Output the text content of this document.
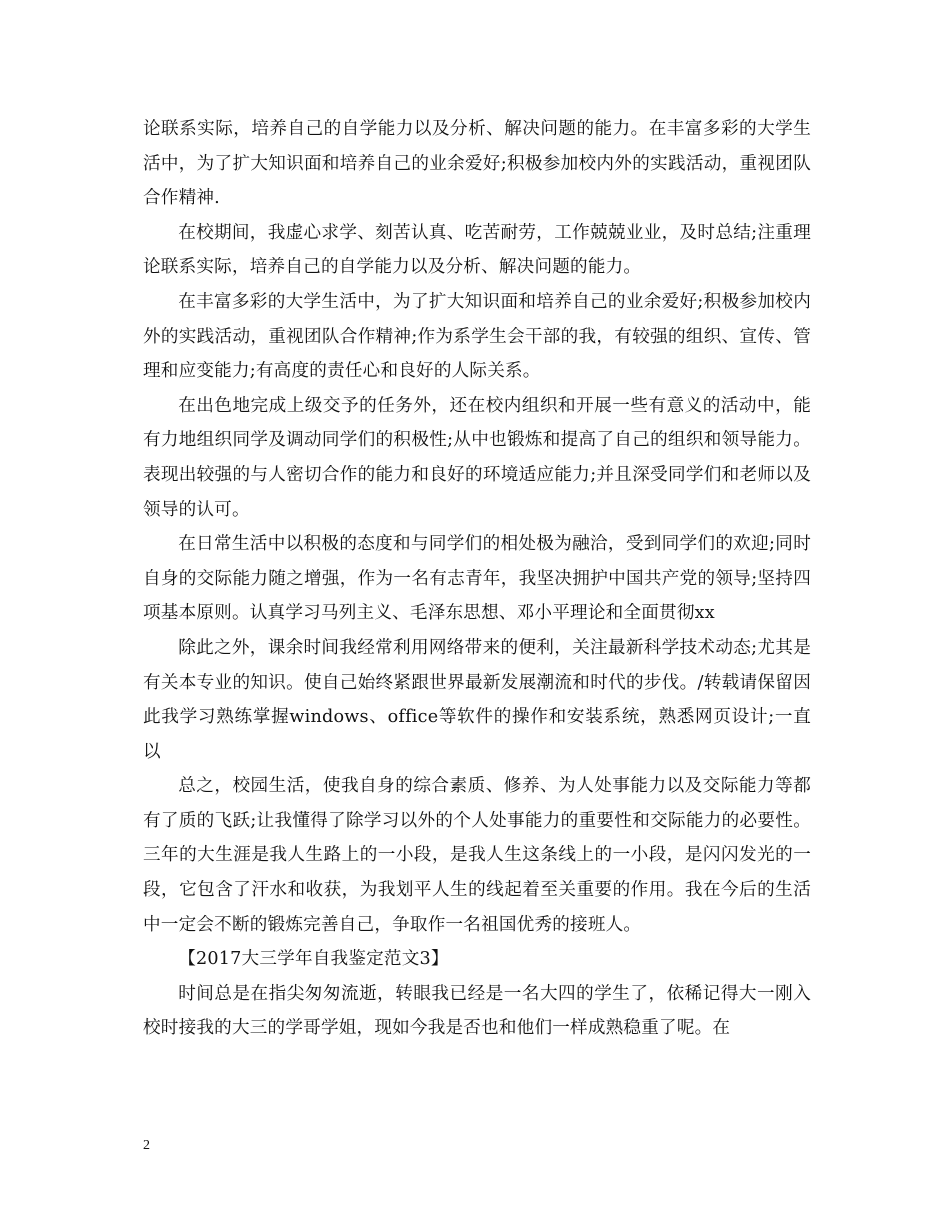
论联系实际，培养自己的自学能力以及分析、解决问题的能力。在丰富多彩的大学生活中，为了扩大知识面和培养自己的业余爱好;积极参加校内外的实践活动，重视团队合作精神.

在校期间，我虚心求学、刻苦认真、吃苦耐劳，工作兢兢业业，及时总结;注重理论联系实际，培养自己的自学能力以及分析、解决问题的能力。

在丰富多彩的大学生活中，为了扩大知识面和培养自己的业余爱好;积极参加校内外的实践活动，重视团队合作精神;作为系学生会干部的我，有较强的组织、宣传、管理和应变能力;有高度的责任心和良好的人际关系。

在出色地完成上级交予的任务外，还在校内组织和开展一些有意义的活动中，能有力地组织同学及调动同学们的积极性;从中也锻炼和提高了自己的组织和领导能力。表现出较强的与人密切合作的能力和良好的环境适应能力;并且深受同学们和老师以及领导的认可。

在日常生活中以积极的态度和与同学们的相处极为融洽，受到同学们的欢迎;同时自身的交际能力随之增强，作为一名有志青年，我坚决拥护中国共产党的领导;坚持四项基本原则。认真学习马列主义、毛泽东思想、邓小平理论和全面贯彻xx

除此之外，课余时间我经常利用网络带来的便利，关注最新科学技术动态;尤其是有关本专业的知识。使自己始终紧跟世界最新发展潮流和时代的步伐。/转载请保留因此我学习熟练掌握windows、office等软件的操作和安装系统，熟悉网页设计;一直以

总之，校园生活，使我自身的综合素质、修养、为人处事能力以及交际能力等都有了质的飞跃;让我懂得了除学习以外的个人处事能力的重要性和交际能力的必要性。三年的大生涯是我人生路上的一小段，是我人生这条线上的一小段，是闪闪发光的一段，它包含了汗水和收获，为我划平人生的线起着至关重要的作用。我在今后的生活中一定会不断的锻炼完善自己，争取作一名祖国优秀的接班人。

【2017大三学年自我鉴定范文3】

时间总是在指尖匆匆流逝，转眼我已经是一名大四的学生了，依稀记得大一刚入校时接我的大三的学哥学姐，现如今我是否也和他们一样成熟稳重了呢。在

2
